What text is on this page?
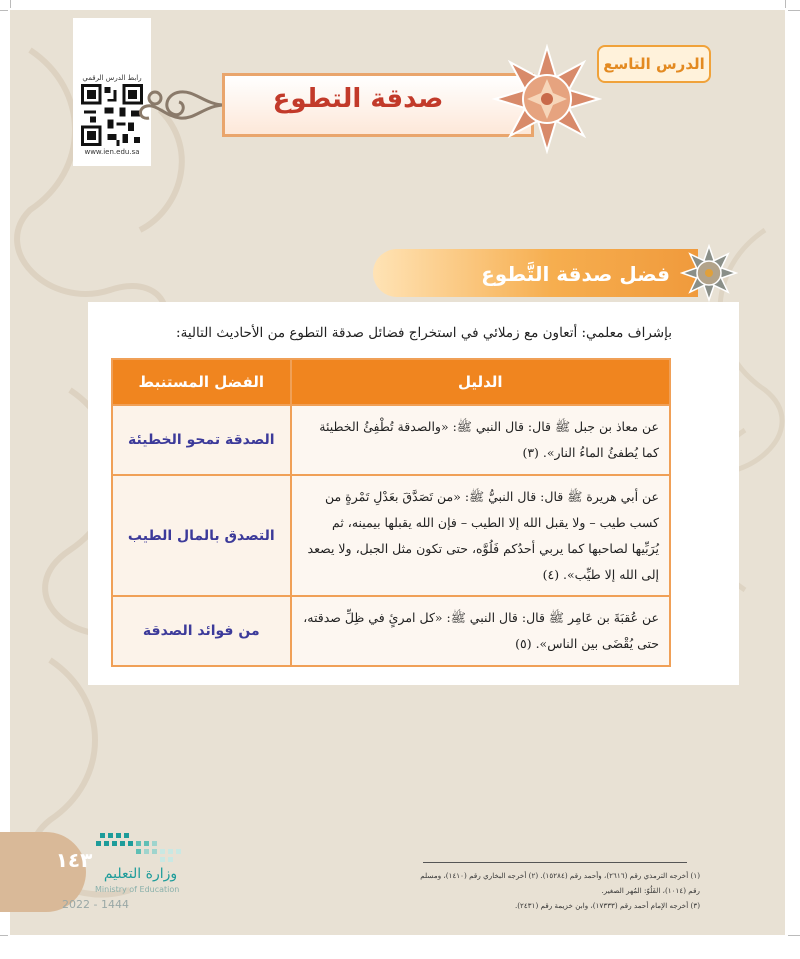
رابط الدرس الرقمي
www.ien.edu.sa
الدرس التاسع
صدقة التطوع
فضل صدقة التَّطوع
بإشراف معلمي: أتعاون مع زملائي في استخراج فضائل صدقة التطوع من الأحاديث التالية:
الدليل	الفضل المستنبط
عن معاذ بن جبل ﷺ قال: قال النبي ﷺ: «والصدقة تُطْفِئُ الخطيئة كما يُطفئُ الماءُ النار». (٣)	الصدقة تمحو الخطيئة
عن أبي هريرة ﷺ قال: قال النبيُّ ﷺ: «من تَصَدَّقَ بعَدْلِ تَمْرةٍ من كسب طيب – ولا يقبل الله إلا الطيب – فإن الله يقبلها بيمينه، ثم يُرَبِّيها لصاحبها كما يربي أحدُكم فَلُوَّه، حتى تكون مثل الجبل، ولا يصعد إلى الله إلا طيِّب». (٤)	التصدق بالمال الطيب
عن عُقبَةَ بن عَامِر ﷺ قال: قال النبي ﷺ: «كل امرئٍ في ظِلِّ صدقته، حتى يُقْضَى بين الناس». (٥)	من فوائد الصدقة
(١) أخرجه الترمذي رقم (٢٦١٦)، وأحمد رقم (١٥٢٨٤). (٢) أخرجه البخاري رقم (١٤١٠)، ومسلم رقم (١٠١٤)، الفَلُوّ: المُهر الصغير.
(٣) أخرجه الإمام أحمد رقم (١٧٣٣٣)، وابن خزيمة رقم (٢٤٣١).
١٤٣
وزارة التعليم
Ministry of Education
2022 - 1444
